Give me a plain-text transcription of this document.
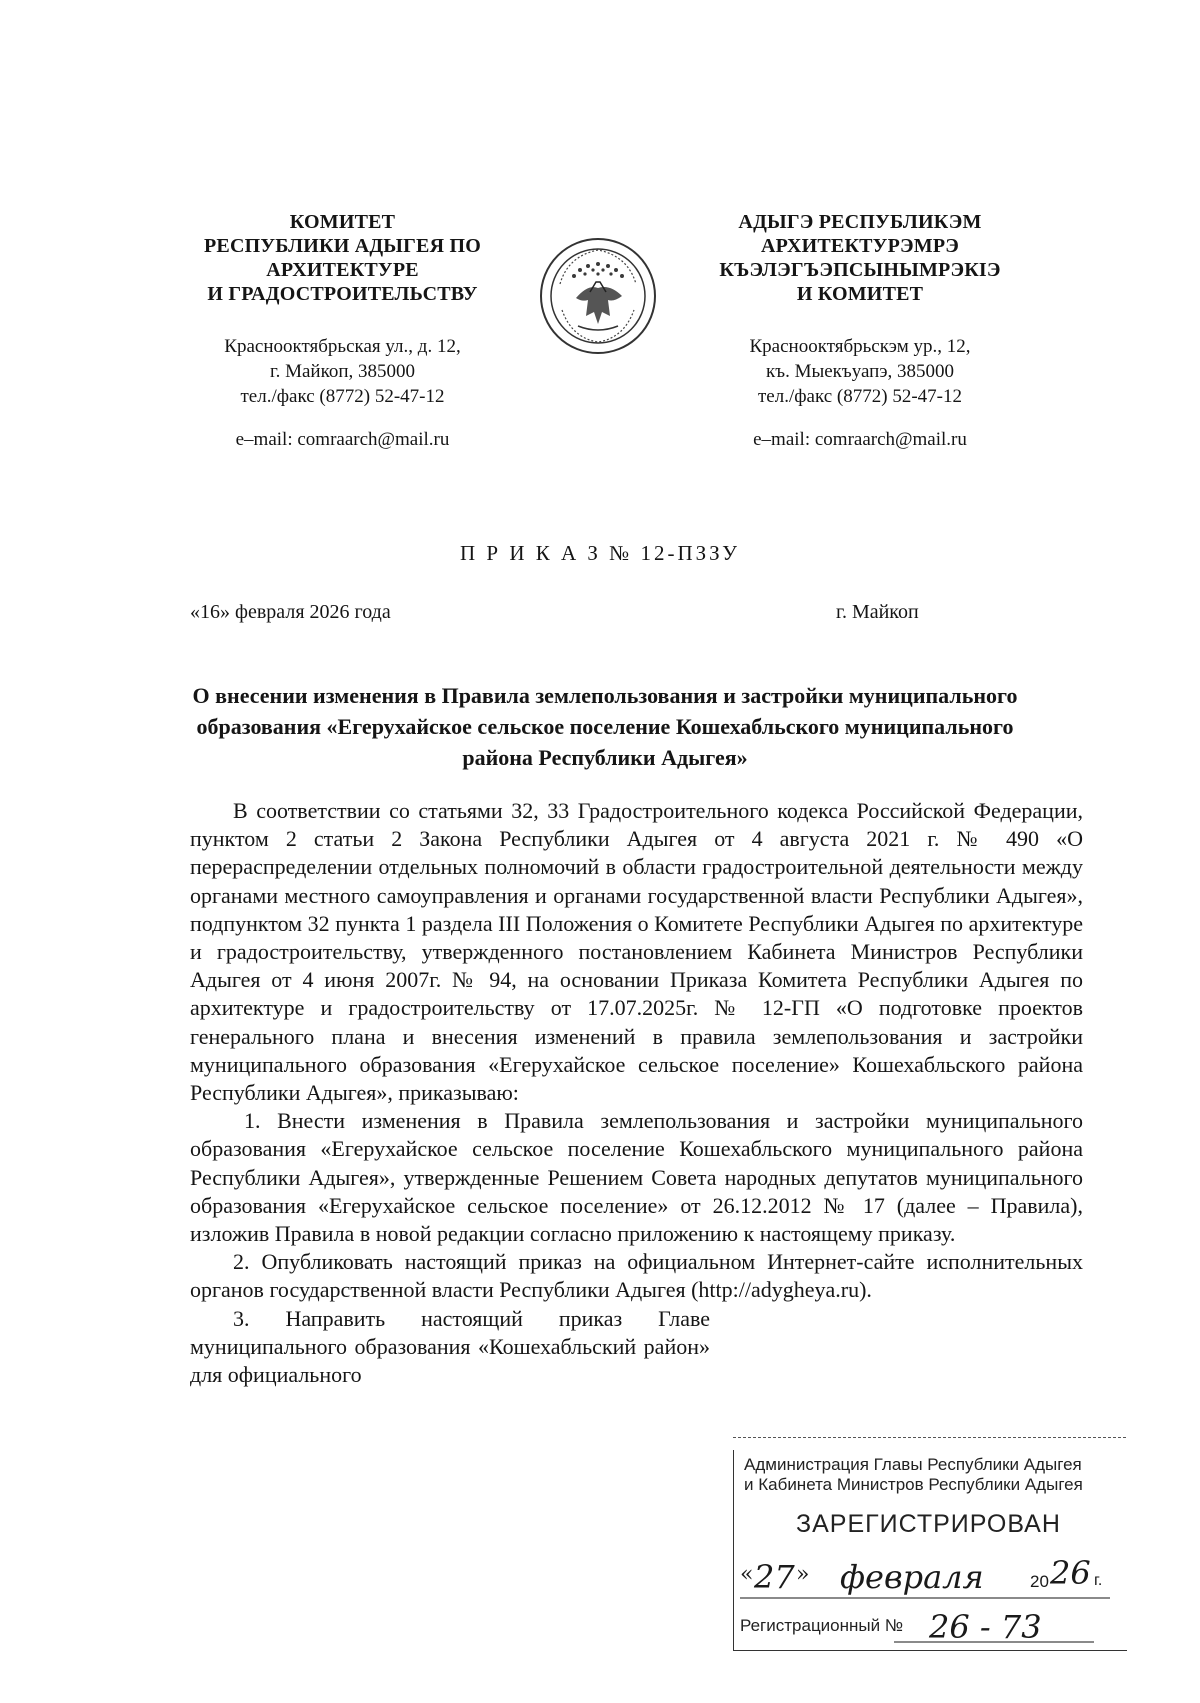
КОМИТЕТ
РЕСПУБЛИКИ АДЫГЕЯ ПО
АРХИТЕКТУРЕ
И ГРАДОСТРОИТЕЛЬСТВУ
Краснооктябрьская ул., д. 12,
г. Майкоп, 385000
тел./факс (8772) 52-47-12
e–mail: comraarch@mail.ru
АДЫГЭ РЕСПУБЛИКЭМ
АРХИТЕКТУРЭМРЭ
КЪЭЛЭГЪЭПСЫНЫМРЭКIЭ
И КОМИТЕТ
Краснооктябрьскэм ур., 12,
къ. Мыекъуапэ, 385000
тел./факс (8772) 52-47-12
e–mail: comraarch@mail.ru
П Р И К А З № 12-ПЗЗУ
«16» февраля 2026 года	г. Майкоп
О внесении изменения в Правила землепользования и застройки муниципального образования «Егерухайское сельское поселение Кошехабльского муниципального района Республики Адыгея»

В соответствии со статьями 32, 33 Градостроительного кодекса Российской Федерации, пунктом 2 статьи 2 Закона Республики Адыгея от 4 августа 2021 г. № 490 «О перераспределении отдельных полномочий в области градостроительной деятельности между органами местного самоуправления и органами государственной власти Республики Адыгея», подпунктом 32 пункта 1 раздела III Положения о Комитете Республики Адыгея по архитектуре и градостроительству, утвержденного постановлением Кабинета Министров Республики Адыгея от 4 июня 2007г. № 94, на основании Приказа Комитета Республики Адыгея по архитектуре и градостроительству от 17.07.2025г. № 12-ГП «О подготовке проектов генерального плана и внесения изменений в правила землепользования и застройки муниципального образования «Егерухайское сельское поселение» Кошехабльского района Республики Адыгея», приказываю:

1. Внести изменения в Правила землепользования и застройки муниципального образования «Егерухайское сельское поселение Кошехабльского муниципального района Республики Адыгея», утвержденные Решением Совета народных депутатов муниципального образования «Егерухайское сельское поселение» от 26.12.2012 № 17 (далее – Правила), изложив Правила в новой редакции согласно приложению к настоящему приказу.

2. Опубликовать настоящий приказ на официальном Интернет-сайте исполнительных органов государственной власти Республики Адыгея (http://adygheya.ru).

3. Направить настоящий приказ Главе муниципального образования «Кошехабльский район» для официального

Администрация Главы Республики Адыгея
и Кабинета Министров Республики Адыгея
ЗАРЕГИСТРИРОВАН
« 27 » февраля	20 26 г.
Регистрационный № 26 - 73
